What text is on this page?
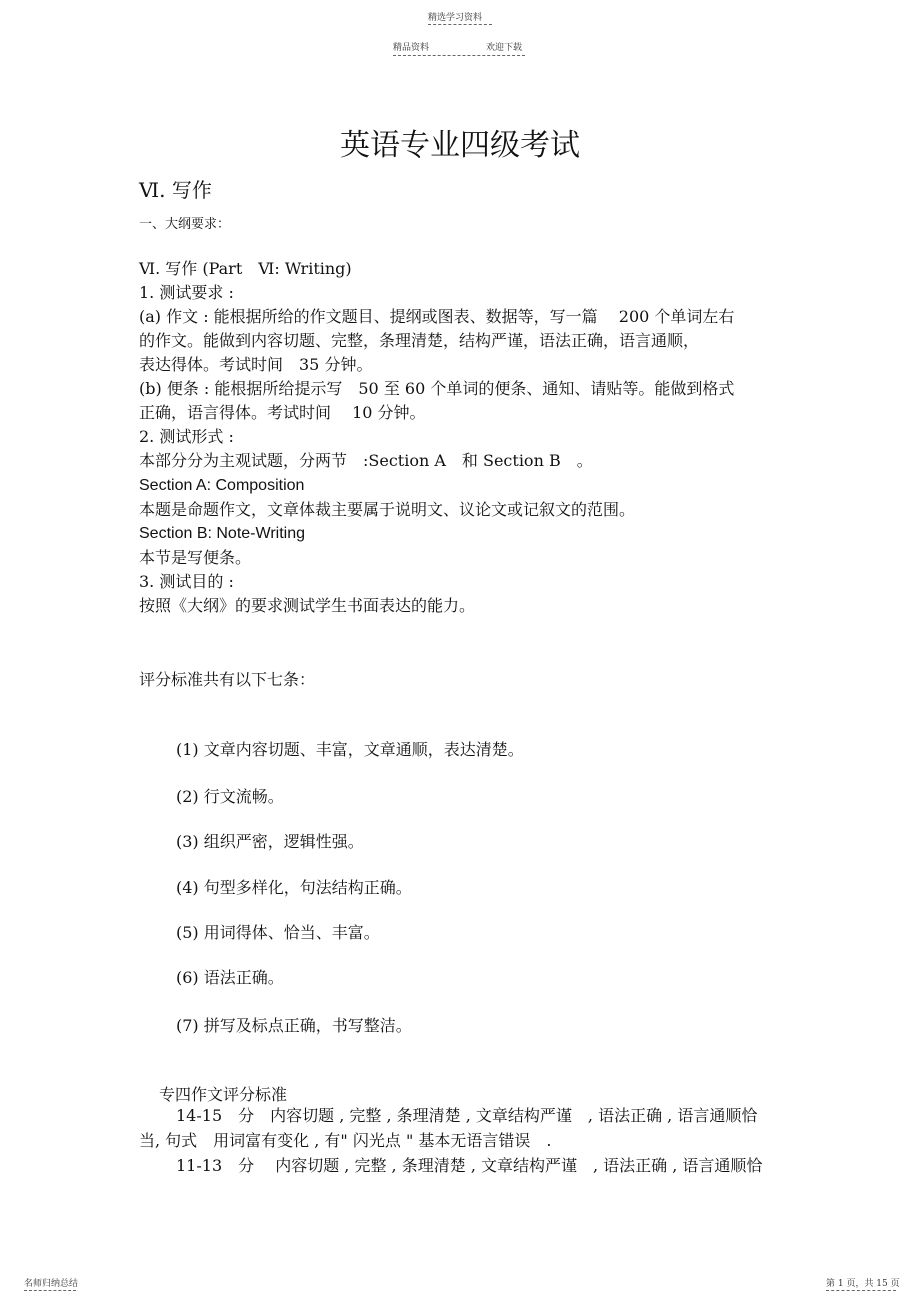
精选学习资料
精品资料	欢迎下载
英语专业四级考试
Ⅵ. 写作
一、大纲要求：
Ⅵ. 写作 (Part　Ⅵ: Writing)
1. 测试要求 :
(a) 作文 : 能根据所给的作文题目、提纲或图表、数据等，写一篇　 200 个单词左右
的作文。能做到内容切题、完整，条理清楚，结构严谨，语法正确，语言通顺，
表达得体。考试时间　35 分钟。
(b) 便条 : 能根据所给提示写　50 至 60 个单词的便条、通知、请贴等。能做到格式
正确，语言得体。考试时间　 10 分钟。
2. 测试形式 :
本部分分为主观试题，分两节　:Section A　和 Section B　。
Section A: Composition
本题是命题作文，文章体裁主要属于说明文、议论文或记叙文的范围。
Section B: Note-Writing
本节是写便条。
3. 测试目的 :
按照《大纲》的要求测试学生书面表达的能力。
评分标准共有以下七条：
(1) 文章内容切题、丰富，文章通顺，表达清楚。
(2) 行文流畅。
(3) 组织严密，逻辑性强。
(4) 句型多样化，句法结构正确。
(5) 用词得体、恰当、丰富。
(6) 语法正确。
(7) 拼写及标点正确，书写整洁。
专四作文评分标准
14-15　分　内容切题 , 完整 , 条理清楚 , 文章结构严谨　, 语法正确 , 语言通顺恰
当, 句式　用词富有变化 , 有" 闪光点 " 基本无语言错误　.
11-13　分　 内容切题 , 完整 , 条理清楚 , 文章结构严谨　, 语法正确 , 语言通顺恰
名师归纳总结	第 1 页，共 15 页
